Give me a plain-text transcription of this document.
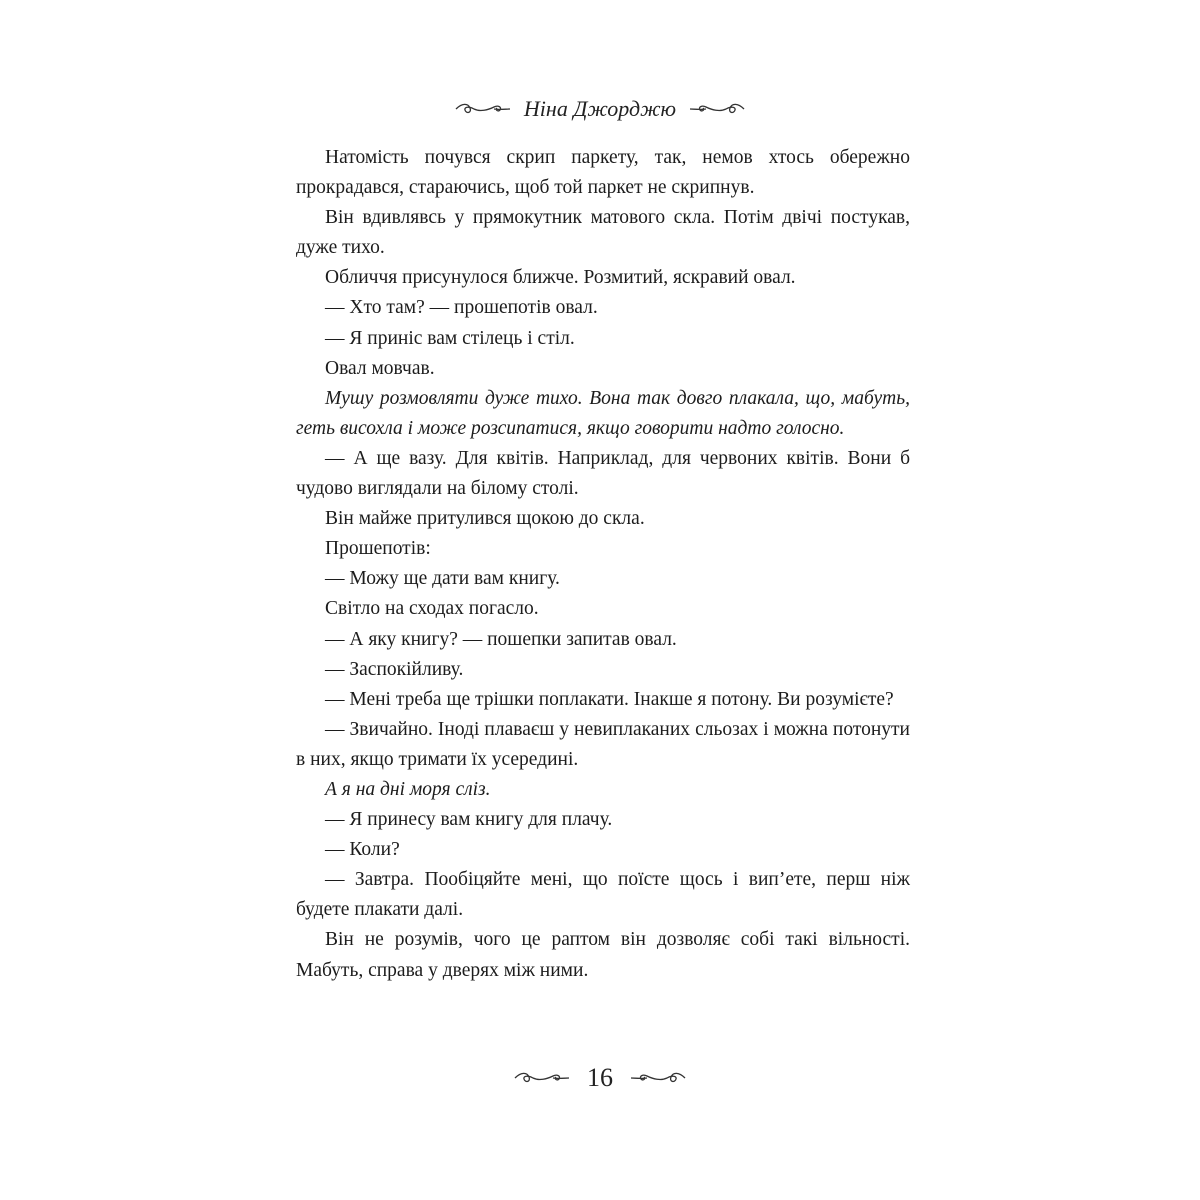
Ніна Джорджю

Натомість почувся скрип паркету, так, немов хтось обережно прокрадався, стараючись, щоб той паркет не скрипнув.

Він вдивлявсь у прямокутник матового скла. Потім двічі постукав, дуже тихо.

Обличчя присунулося ближче. Розмитий, яскравий овал.

— Хто там? — прошепотів овал.

— Я приніс вам стілець і стіл.

Овал мовчав.

Мушу розмовляти дуже тихо. Вона так довго плакала, що, мабуть, геть висохла і може розсипатися, якщо говорити надто голосно.

— А ще вазу. Для квітів. Наприклад, для червоних квітів. Вони б чудово виглядали на білому столі.

Він майже притулився щокою до скла.

Прошепотів:

— Можу ще дати вам книгу.

Світло на сходах погасло.

— А яку книгу? — пошепки запитав овал.

— Заспокійливу.

— Мені треба ще трішки поплакати. Інакше я потону. Ви розумієте?

— Звичайно. Іноді плаваєш у невиплаканих сльозах і можна потонути в них, якщо тримати їх усередині.

А я на дні моря сліз.

— Я принесу вам книгу для плачу.

— Коли?

— Завтра. Пообіцяйте мені, що поїсте щось і вип’ете, перш ніж будете плакати далі.

Він не розумів, чого це раптом він дозволяє собі такі вільності. Мабуть, справа у дверях між ними.

16
